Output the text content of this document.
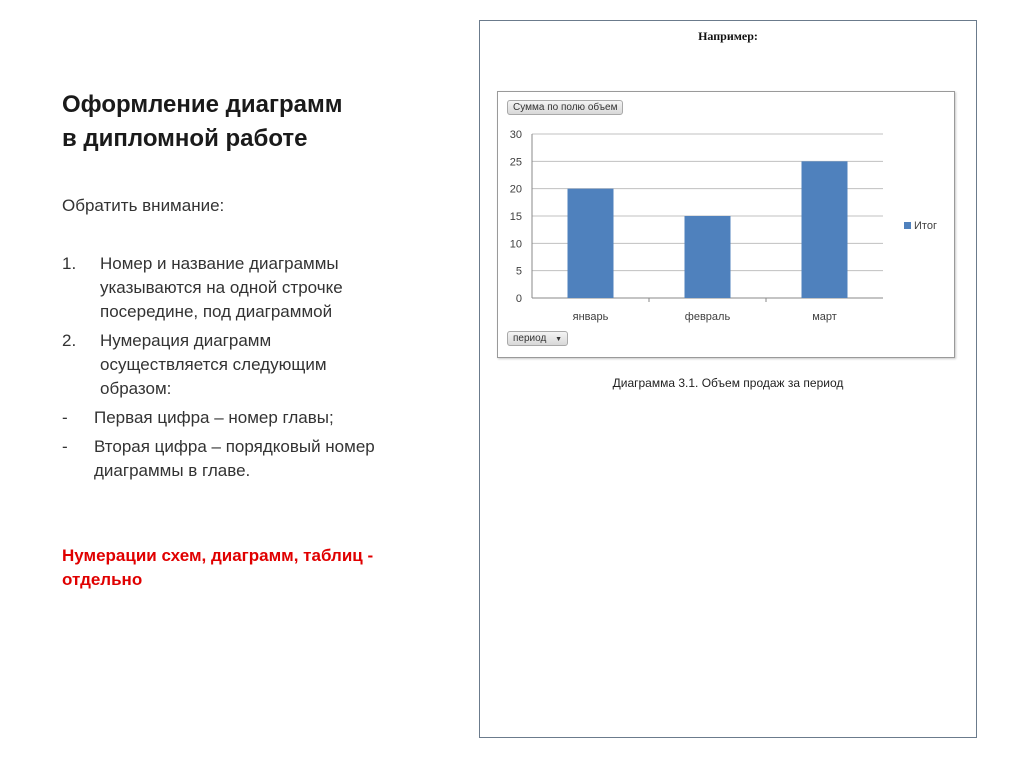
Оформление диаграмм
в дипломной работе
Обратить внимание:
1. Номер и название диаграммы указываются на одной строчке посередине, под диаграммой
2. Нумерация диаграмм осуществляется следующим образом:
- Первая цифра – номер главы;
- Вторая цифра – порядковый номер диаграммы в главе.
Нумерации схем, диаграмм, таблиц - отдельно
Например:
0
5
10
15
20
25
30
январь	февраль	март
Итог
Сумма по полю объем
период ▼
Диаграмма 3.1. Объем продаж за период
